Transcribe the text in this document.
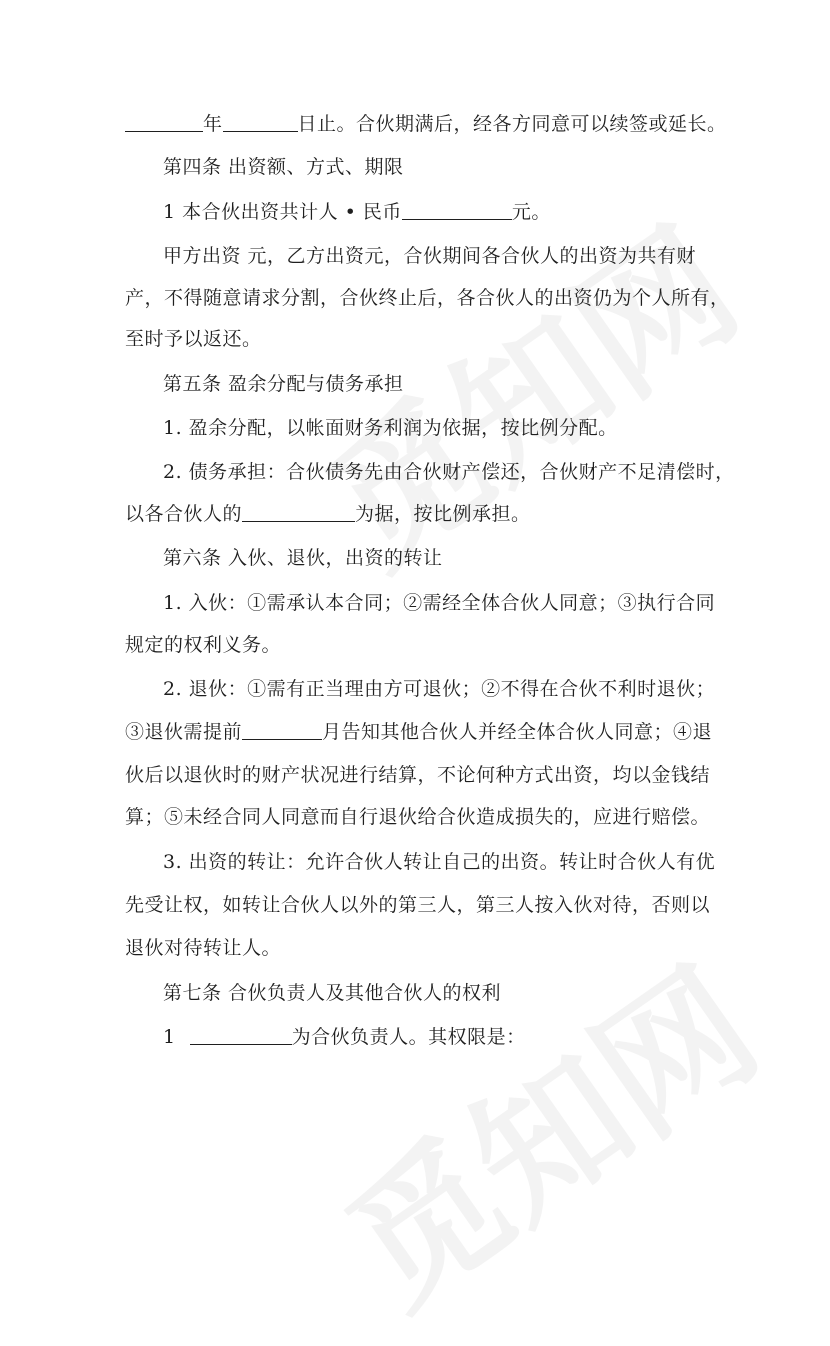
年	日止。合伙期满后，经各方同意可以续签或延长。
第四条 出资额、方式、期限
1 本合伙出资共计人 • 民币	元。
甲方出资 元，乙方出资元，合伙期间各合伙人的出资为共有财
产，不得随意请求分割，合伙终止后，各合伙人的出资仍为个人所有，
至时予以返还。
第五条 盈余分配与债务承担
1. 盈余分配，以帐面财务利润为依据，按比例分配。
2. 债务承担：合伙债务先由合伙财产偿还，合伙财产不足清偿时，
以各合伙人的	为据，按比例承担。
第六条 入伙、退伙，出资的转让
1. 入伙：①需承认本合同；②需经全体合伙人同意；③执行合同
规定的权利义务。
2. 退伙：①需有正当理由方可退伙；②不得在合伙不利时退伙；
③退伙需提前	月告知其他合伙人并经全体合伙人同意；④退
伙后以退伙时的财产状况进行结算，不论何种方式出资，均以金钱结
算；⑤未经合同人同意而自行退伙给合伙造成损失的，应进行赔偿。
3. 出资的转让：允许合伙人转让自己的出资。转让时合伙人有优
先受让权，如转让合伙人以外的第三人，第三人按入伙对待，否则以
退伙对待转让人。
第七条 合伙负责人及其他合伙人的权利
1	为合伙负责人。其权限是：
